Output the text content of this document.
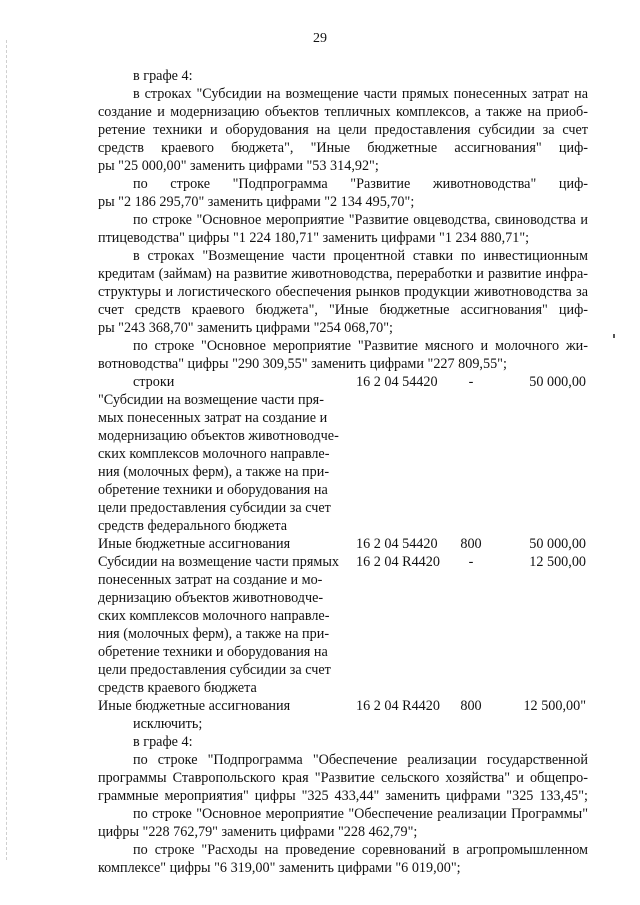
29
в графе 4:
в строках "Субсидии на возмещение части прямых понесенных затрат на
создание и модернизацию объектов тепличных комплексов, а также на приоб-
ретение техники и оборудования на цели предоставления субсидии за счет
средств краевого бюджета", "Иные бюджетные ассигнования" циф-
ры "25 000,00" заменить цифрами "53 314,92";
по строке "Подпрограмма "Развитие животноводства" циф-
ры "2 186 295,70" заменить цифрами "2 134 495,70";
по строке "Основное мероприятие "Развитие овцеводства, свиноводства и
птицеводства" цифры "1 224 180,71" заменить цифрами "1 234 880,71";
в строках "Возмещение части процентной ставки по инвестиционным
кредитам (займам) на развитие животноводства, переработки и развитие инфра-
структуры и логистического обеспечения рынков продукции животноводства за
счет средств краевого бюджета", "Иные бюджетные ассигнования" циф-
ры "243 368,70" заменить цифрами "254 068,70";
по строке "Основное мероприятие "Развитие мясного и молочного жи-
вотноводства" цифры "290 309,55" заменить цифрами "227 809,55";
строки
"Субсидии на возмещение части пря-
мых понесенных затрат на создание и
модернизацию объектов животноводче-
ских комплексов молочного направле-
ния (молочных ферм), а также на при-
обретение техники и оборудования на
цели предоставления субсидии за счет
средств федерального бюджета
16 2 04 54420	-	50 000,00
Иные бюджетные ассигнования	16 2 04 54420	800	50 000,00
Субсидии на возмещение части прямых
понесенных затрат на создание и мо-
дернизацию объектов животноводче-
ских комплексов молочного направле-
ния (молочных ферм), а также на при-
обретение техники и оборудования на
цели предоставления субсидии за счет
средств краевого бюджета
16 2 04 R4420	-	12 500,00
Иные бюджетные ассигнования	16 2 04 R4420	800	12 500,00"
исключить;
в графе 4:
по строке "Подпрограмма "Обеспечение реализации государственной
программы Ставропольского края "Развитие сельского хозяйства" и общепро-
граммные мероприятия" цифры "325 433,44" заменить цифрами "325 133,45";
по строке "Основное мероприятие "Обеспечение реализации Программы"
цифры "228 762,79" заменить цифрами "228 462,79";
по строке "Расходы на проведение соревнований в агропромышленном
комплексе" цифры "6 319,00" заменить цифрами "6 019,00";
